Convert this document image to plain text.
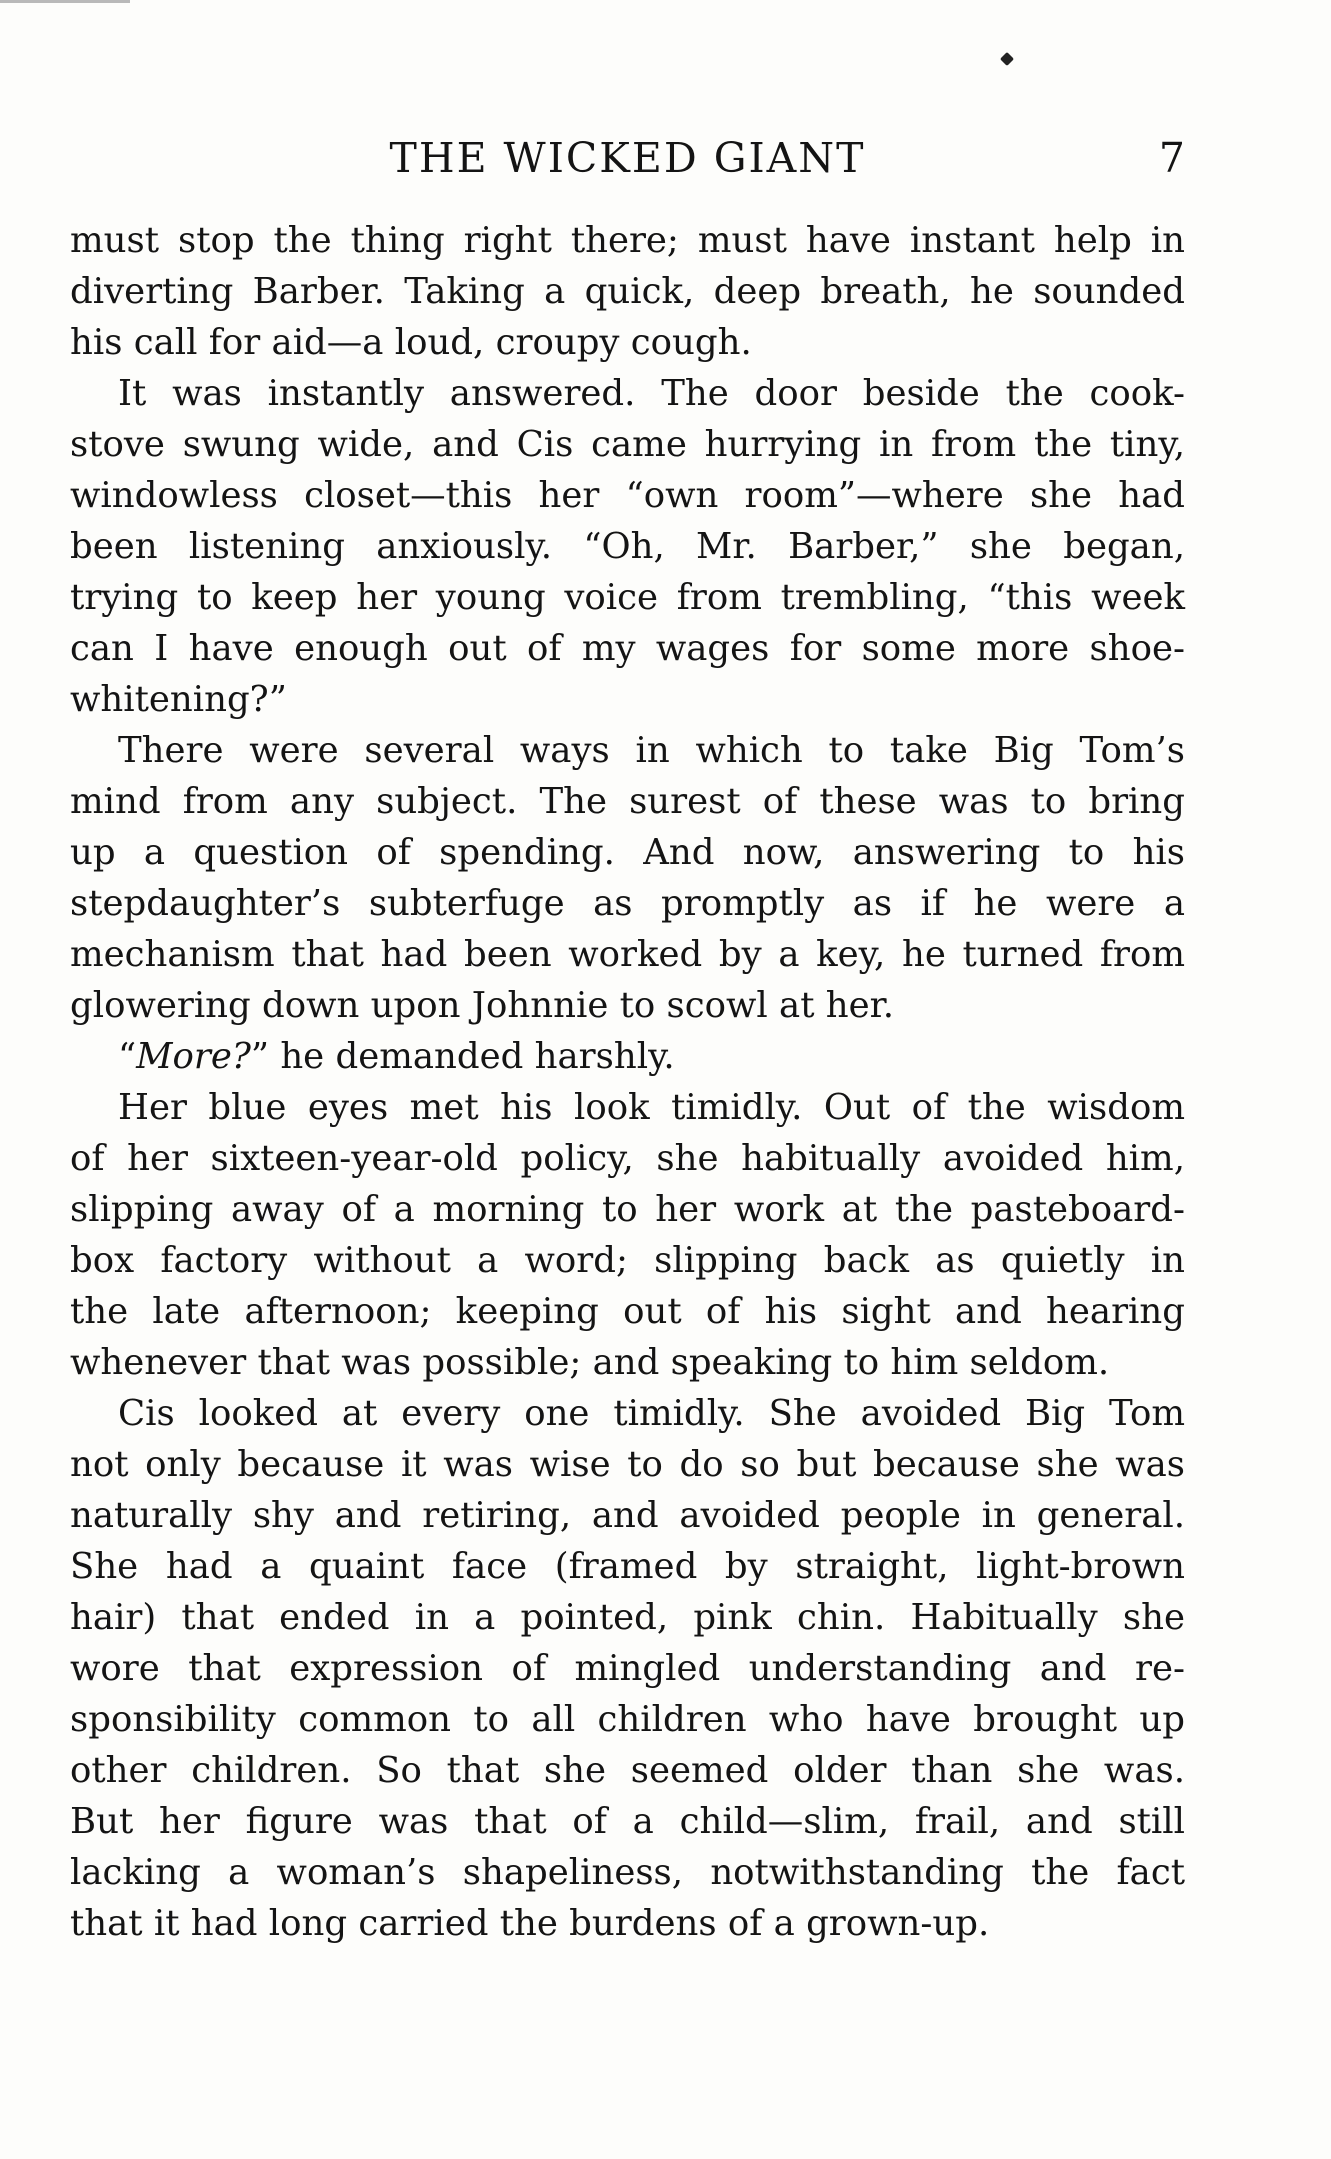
THE WICKED GIANT	7
must stop the thing right there; must have instant help in
diverting Barber. Taking a quick, deep breath, he sounded
his call for aid—a loud, croupy cough.
It was instantly answered. The door beside the cook-
stove swung wide, and Cis came hurrying in from the tiny,
windowless closet—this her “own room”—where she had
been listening anxiously. “Oh, Mr. Barber,” she began,
trying to keep her young voice from trembling, “this week
can I have enough out of my wages for some more shoe-
whitening?”
There were several ways in which to take Big Tom’s
mind from any subject. The surest of these was to bring
up a question of spending. And now, answering to his
stepdaughter’s subterfuge as promptly as if he were a
mechanism that had been worked by a key, he turned from
glowering down upon Johnnie to scowl at her.
“More?” he demanded harshly.
Her blue eyes met his look timidly. Out of the wisdom
of her sixteen-year-old policy, she habitually avoided him,
slipping away of a morning to her work at the pasteboard-
box factory without a word; slipping back as quietly in
the late afternoon; keeping out of his sight and hearing
whenever that was possible; and speaking to him seldom.
Cis looked at every one timidly. She avoided Big Tom
not only because it was wise to do so but because she was
naturally shy and retiring, and avoided people in general.
She had a quaint face (framed by straight, light-brown
hair) that ended in a pointed, pink chin. Habitually she
wore that expression of mingled understanding and re-
sponsibility common to all children who have brought up
other children. So that she seemed older than she was.
But her figure was that of a child—slim, frail, and still
lacking a woman’s shapeliness, notwithstanding the fact
that it had long carried the burdens of a grown-up.
